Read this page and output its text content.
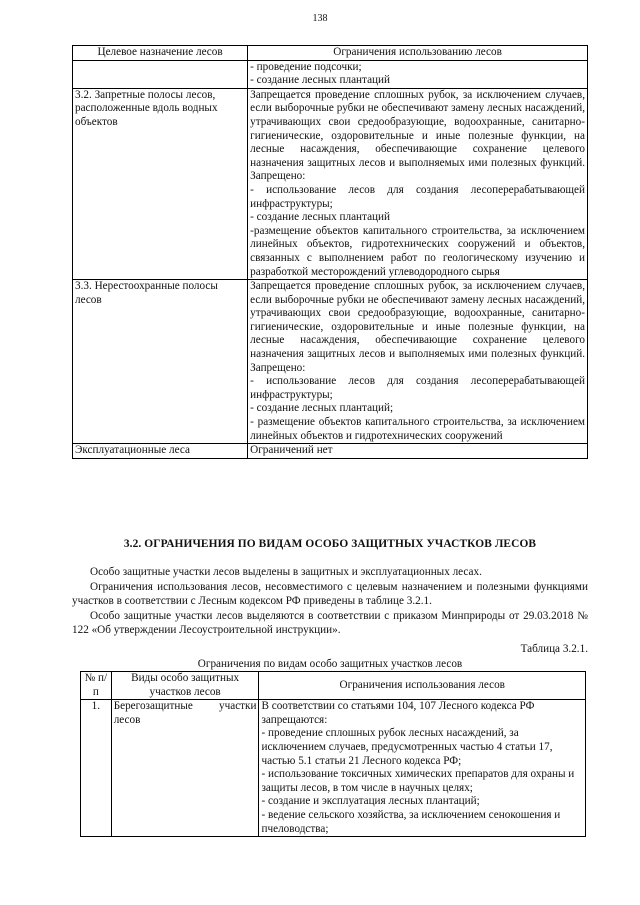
138
Целевое назначение лесов	Ограничения использованию лесов

	- проведение подсочки;
- создание лесных плантаций

3.2. Запретные полосы лесов, расположенные вдоль водных объектов	Запрещается проведение сплошных рубок, за исключением случаев, если выборочные рубки не обеспечивают замену лесных насаждений, утрачивающих свои средообразующие, водоохранные, санитарно-гигиенические, оздоровительные и иные полезные функции, на лесные насаждения, обеспечивающие сохранение целевого назначения защитных лесов и выполняемых ими полезных функций. Запрещено:
- использование лесов для создания лесоперерабатывающей инфраструктуры;
- создание лесных плантаций
-размещение объектов капитального строительства, за исключением линейных объектов, гидротехнических сооружений и объектов, связанных с выполнением работ по геологическому изучению и разработкой месторождений углеводородного сырья

3.3. Нерестоохранные полосы лесов	Запрещается проведение сплошных рубок, за исключением случаев, если выборочные рубки не обеспечивают замену лесных насаждений, утрачивающих свои средообразующие, водоохранные, санитарно-гигиенические, оздоровительные и иные полезные функции, на лесные насаждения, обеспечивающие сохранение целевого назначения защитных лесов и выполняемых ими полезных функций. Запрещено:
- использование лесов для создания лесоперерабатывающей инфраструктуры;
- создание лесных плантаций;
- размещение объектов капитального строительства, за исключением линейных объектов и гидротехнических сооружений

Эксплуатационные леса	Ограничений нет
3.2. ОГРАНИЧЕНИЯ ПО ВИДАМ ОСОБО ЗАЩИТНЫХ УЧАСТКОВ ЛЕСОВ

Особо защитные участки лесов выделены в защитных и эксплуатационных лесах.

Ограничения использования лесов, несовместимого с целевым назначением и полезными функциями участков в соответствии с Лесным кодексом РФ приведены в таблице 3.2.1.

Особо защитные участки лесов выделяются в соответствии с приказом Минприроды от 29.03.2018 № 122 «Об утверждении Лесоустроительной инструкции».

Таблица 3.2.1.
Ограничения по видам особо защитных участков лесов
№ п/п	Виды особо защитных участков лесов	Ограничения использования лесов
1.	Берегозащитные участки лесов	В соответствии со статьями 104, 107 Лесного кодекса РФ запрещаются:
- проведение сплошных рубок лесных насаждений, за исключением случаев, предусмотренных частью 4 статьи 17, частью 5.1 статьи 21 Лесного кодекса РФ;
- использование токсичных химических препаратов для охраны и защиты лесов, в том числе в научных целях;
- создание и эксплуатация лесных плантаций;
- ведение сельского хозяйства, за исключением сенокошения и пчеловодства;
